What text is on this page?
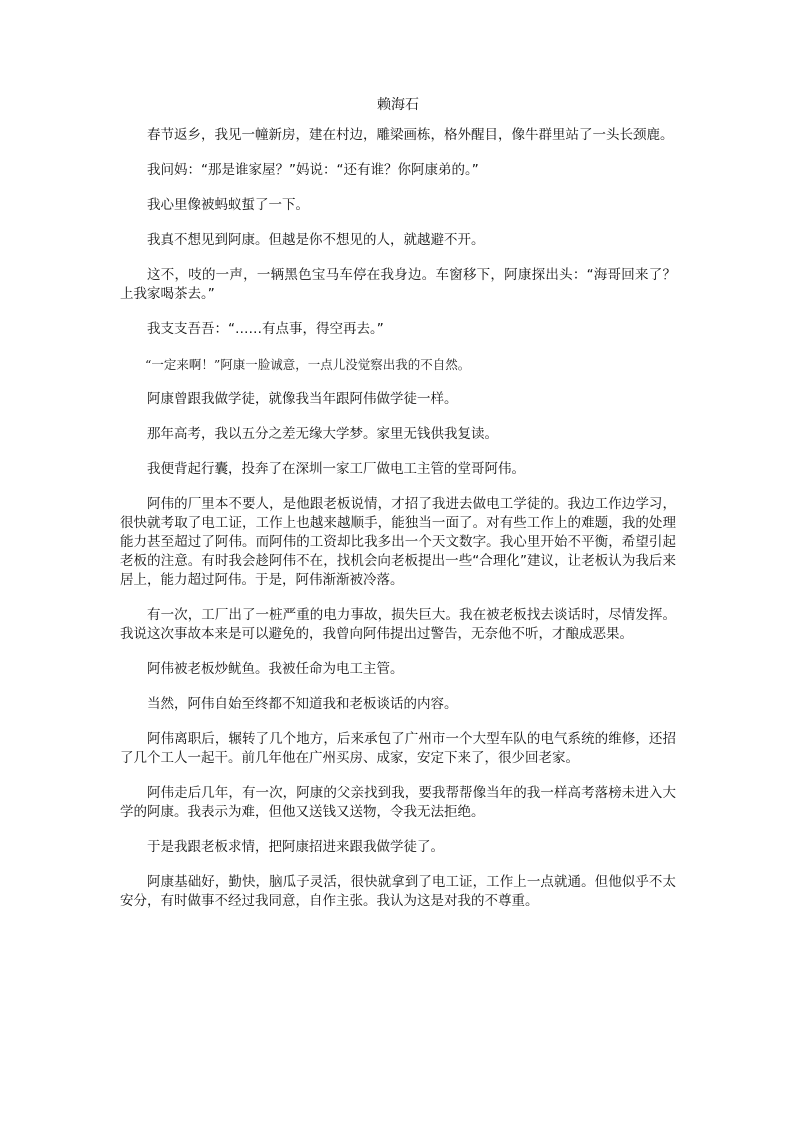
赖海石

春节返乡，我见一幢新房，建在村边，雕梁画栋，格外醒目，像牛群里站了一头长颈鹿。

我问妈：“那是谁家屋？”妈说：“还有谁？你阿康弟的。”

我心里像被蚂蚁蜇了一下。

我真不想见到阿康。但越是你不想见的人，就越避不开。

这不，吱的一声，一辆黑色宝马车停在我身边。车窗移下，阿康探出头：“海哥回来了？上我家喝茶去。”

我支支吾吾：“……有点事，得空再去。”

“一定来啊！”阿康一脸诚意，一点儿没觉察出我的不自然。

阿康曾跟我做学徒，就像我当年跟阿伟做学徒一样。

那年高考，我以五分之差无缘大学梦。家里无钱供我复读。

我便背起行囊，投奔了在深圳一家工厂做电工主管的堂哥阿伟。

阿伟的厂里本不要人，是他跟老板说情，才招了我进去做电工学徒的。我边工作边学习，很快就考取了电工证，工作上也越来越顺手，能独当一面了。对有些工作上的难题，我的处理能力甚至超过了阿伟。而阿伟的工资却比我多出一个天文数字。我心里开始不平衡，希望引起老板的注意。有时我会趁阿伟不在，找机会向老板提出一些“合理化”建议，让老板认为我后来居上，能力超过阿伟。于是，阿伟渐渐被冷落。

有一次，工厂出了一桩严重的电力事故，损失巨大。我在被老板找去谈话时，尽情发挥。我说这次事故本来是可以避免的，我曾向阿伟提出过警告，无奈他不听，才酿成恶果。

阿伟被老板炒鱿鱼。我被任命为电工主管。

当然，阿伟自始至终都不知道我和老板谈话的内容。

阿伟离职后，辗转了几个地方，后来承包了广州市一个大型车队的电气系统的维修，还招了几个工人一起干。前几年他在广州买房、成家，安定下来了，很少回老家。

阿伟走后几年，有一次，阿康的父亲找到我，要我帮帮像当年的我一样高考落榜未进入大学的阿康。我表示为难，但他又送钱又送物，令我无法拒绝。

于是我跟老板求情，把阿康招进来跟我做学徒了。

阿康基础好，勤快，脑瓜子灵活，很快就拿到了电工证，工作上一点就通。但他似乎不太安分，有时做事不经过我同意，自作主张。我认为这是对我的不尊重。
